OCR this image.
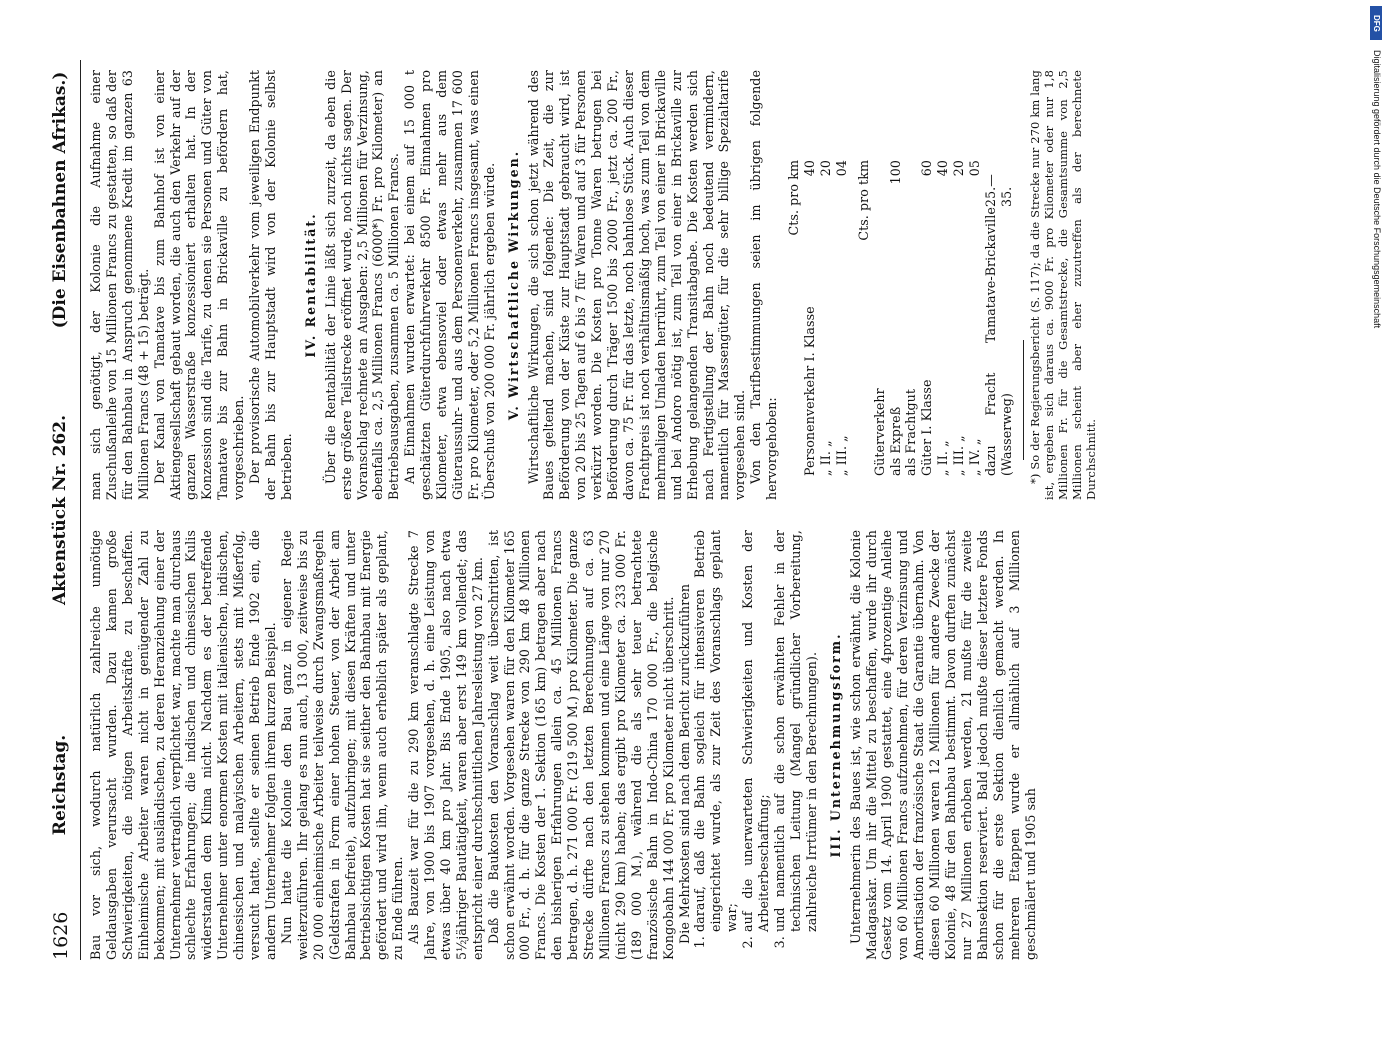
1626
Reichstag.
Aktenstück Nr. 262.
(Die Eisenbahnen Afrikas.)

Bau vor sich, wodurch natürlich zahlreiche unnötige Geldausgaben verursacht wurden. Dazu kamen große Schwierigkeiten, die nötigen Arbeitskräfte zu beschaffen. Einheimische Arbeiter waren nicht in genügender Zahl zu bekommen; mit ausländischen, zu deren Heranziehung einer der Unternehmer vertraglich verpflichtet war, machte man durchaus schlechte Erfahrungen; die indischen und chinesischen Kulis widerstanden dem Klima nicht. Nachdem es der betreffende Unternehmer unter enormen Kosten mit italienischen, indischen, chinesischen und malayischen Arbeitern, stets mit Mißerfolg, versucht hatte, stellte er seinen Betrieb Ende 1902 ein, die andern Unternehmer folgten ihrem kurzen Beispiel. Nun hatte die Kolonie den Bau ganz in eigener Regie weiterzuführen. Ihr gelang es nun auch, 13 000, zeitweise bis zu 20 000 einheimische Arbeiter teilweise durch Zwangsmaßregeln (Geldstrafen in Form einer hohen Steuer, von der Arbeit am Bahnbau befreite), aufzubringen; mit diesen Kräften und unter betriebsichtigen Kosten hat sie seither den Bahnbau mit Energie gefördert und wird ihn, wenn auch erheblich später als geplant, zu Ende führen. Als Bauzeit war für die zu 290 km veranschlagte Strecke 7 Jahre, von 1900 bis 1907 vorgesehen, d. h. eine Leistung von etwas über 40 km pro Jahr. Bis Ende 1905, also nach etwa 5½jähriger Bautätigkeit, waren aber erst 149 km vollendet; das entspricht einer durchschnittlichen Jahresleistung von 27 km. Daß die Baukosten den Voranschlag weit überschritten, ist schon erwähnt worden. Vorgesehen waren für den Kilometer 165 000 Fr., d. h. für die ganze Strecke von 290 km 48 Millionen Francs. Die Kosten der 1. Sektion (165 km) betragen aber nach den bisherigen Erfahrungen allein ca. 45 Millionen Francs betragen, d. h. 271 000 Fr. (219 500 M.) pro Kilometer. Die ganze Strecke dürfte nach den letzten Berechnungen auf ca. 63 Millionen Francs zu stehen kommen und eine Länge von nur 270 (nicht 290 km) haben; das ergibt pro Kilometer ca. 233 000 Fr. (189 000 M.), während die als sehr teuer betrachtete französische Bahn in Indo-China 170 000 Fr., die belgische Kongobahn 144 000 Fr. pro Kilometer nicht überschritt. Die Mehrkosten sind nach dem Bericht zurückzuführen 1. darauf, daß die Bahn sogleich für intensiveren Betrieb eingerichtet wurde, als zur Zeit des Voranschlags geplant war; 2. auf die unerwarteten Schwierigkeiten und Kosten der Arbeiterbeschaffung; 3. und namentlich auf die schon erwähnten Fehler in der technischen Leitung (Mangel gründlicher Vorbereitung, zahlreiche Irrtümer in den Berechnungen). III. Unternehmungsform. Unternehmerin des Baues ist, wie schon erwähnt, die Kolonie Madagaskar. Um ihr die Mittel zu beschaffen, wurde ihr durch Gesetz vom 14. April 1900 gestattet, eine 4prozentige Anleihe von 60 Millionen Francs aufzunehmen, für deren Verzinsung und Amortisation der französische Staat die Garantie übernahm. Von diesen 60 Millionen waren 12 Millionen für andere Zwecke der Kolonie, 48 für den Bahnbau bestimmt. Davon durften zunächst nur 27 Millionen erhoben werden, 21 mußte für die zweite Bahnsektion reserviert. Bald jedoch mußte dieser letztere Fonds schon für die erste Sektion dienlich gemacht werden. In mehreren Etappen wurde er allmählich auf 3 Millionen geschmälert und 1905 sah

man sich genötigt, der Kolonie die Aufnahme einer Zuschußanleihe von 15 Millionen Francs zu gestatten, so daß der für den Bahnbau in Anspruch genommene Kredit im ganzen 63 Millionen Francs (48 + 15) beträgt. Der Kanal von Tamatave bis zum Bahnhof ist von einer Aktiengesellschaft gebaut worden, die auch den Verkehr auf der ganzen Wasserstraße konzessioniert erhalten hat. In der Konzession sind die Tarife, zu denen sie Personen und Güter von Tamatave bis zur Bahn in Brickaville zu befördern hat, vorgeschrieben. Der provisorische Automobilverkehr vom jeweiligen Endpunkt der Bahn bis zur Hauptstadt wird von der Kolonie selbst betrieben.

IV. Rentabilität. Über die Rentabilität der Linie läßt sich zurzeit, da eben die erste größere Teilstrecke eröffnet wurde, noch nichts sagen. Der Voranschlag rechnete an Ausgaben: 2,5 Millionen für Verzinsung, ebenfalls ca. 2,5 Millionen Francs (6000*) Fr. pro Kilometer) an Betriebsausgaben, zusammen ca. 5 Millionen Francs. An Einnahmen wurden erwartet: bei einem auf 15 000 t geschätzten Güterdurchfuhrverkehr 8500 Fr. Einnahmen pro Kilometer, etwa ebensoviel oder etwas mehr aus dem Güteraussuhr- und aus dem Personenverkehr, zusammen 17 600 Fr. pro Kilometer, oder 5,2 Millionen Francs insgesamt, was einen Überschuß von 200 000 Fr. jährlich ergeben würde. V. Wirtschaftliche Wirkungen. Wirtschaftliche Wirkungen, die sich schon jetzt während des Baues geltend machen, sind folgende: Die Zeit, die zur Beförderung von der Küste zur Hauptstadt gebraucht wird, ist von 20 bis 25 Tagen auf 6 bis 7 für Waren und auf 3 für Personen verkürzt worden. Die Kosten pro Tonne Waren betrugen bei Beförderung durch Träger 1500 bis 2000 Fr., jetzt ca. 200 Fr., davon ca. 75 Fr. für das letzte, noch bahnlose Stück. Auch dieser Frachtpreis ist noch verhältnismäßig hoch, was zum Teil von dem mehrmaligen Umladen herrührt, zum Teil von einer in Brickaville und bei Andoro nötig ist, zum Teil von einer in Brickaville zur Erhebung gelangenden Transitabgabe. Die Kosten werden sich nach Fertigstellung der Bahn noch bedeutend vermindern, namentlich für Massengüter, für die sehr billige Spezialtarife vorgesehen sind. Von den Tarifbestimmungen seien im übrigen folgende hervorgehoben:

Cts. pro km
Personenverkehr I. Klasse
40
„ II. „
20
„ III. „
04 Cts. pro tkm
Güterverkehr als Expreß
100
als Frachtgut Güter I. Klasse
60
„ II. „
40
„ III. „
20
„ IV. „
05
dazu Fracht Tamatave-Brickaville (Wasserweg)
25.—35. *) So der Regierungsbericht (S. 117); da die Strecke nur 270 km lang ist, ergeben sich daraus ca. 9000 Fr. pro Kilometer oder nur 1,8 Millionen Fr. für die Gesamtstrecke, die Gesamtsumme von 2,5 Millionen scheint aber eher zuzutreffen als der berechnete Durchschnitt.

DFG
Digitalisierung gefördert durch die Deutsche Forschungsgemeinschaft
